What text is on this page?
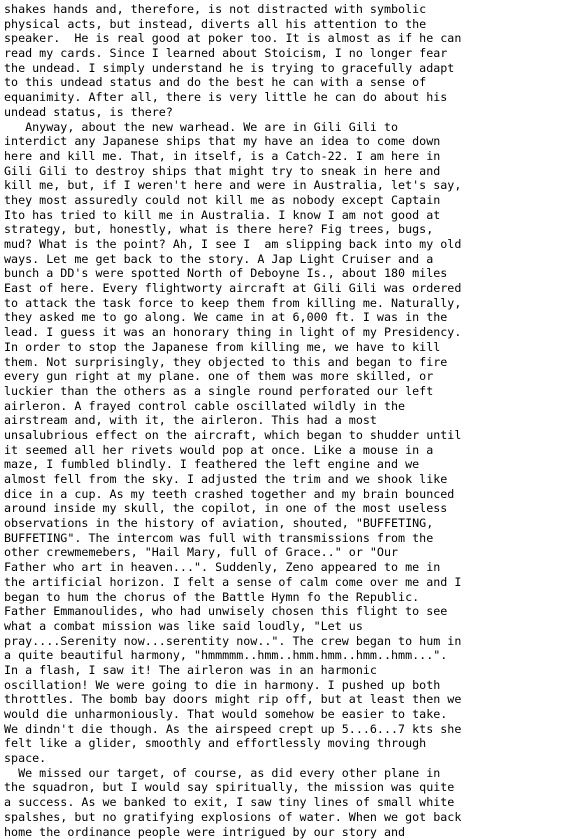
shakes hands and, therefore, is not distracted with symbolic
physical acts, but instead, diverts all his attention to the
speaker.  He is real good at poker too. It is almost as if he can
read my cards. Since I learned about Stoicism, I no longer fear
the undead. I simply understand he is trying to gracefully adapt
to this undead status and do the best he can with a sense of
equanimity. After all, there is very little he can do about his
undead status, is there?
Anyway, about the new warhead. We are in Gili Gili to
interdict any Japanese ships that my have an idea to come down
here and kill me. That, in itself, is a Catch-22. I am here in
Gili Gili to destroy ships that might try to sneak in here and
kill me, but, if I weren't here and were in Australia, let's say,
they most assuredly could not kill me as nobody except Captain
Ito has tried to kill me in Australia. I know I am not good at
strategy, but, honestly, what is there here? Fig trees, bugs,
mud? What is the point? Ah, I see I  am slipping back into my old
ways. Let me get back to the story. A Jap Light Cruiser and a
bunch a DD's were spotted North of Deboyne Is., about 180 miles
East of here. Every flightworty aircraft at Gili Gili was ordered
to attack the task force to keep them from killing me. Naturally,
they asked me to go along. We came in at 6,000 ft. I was in the
lead. I guess it was an honorary thing in light of my Presidency.
In order to stop the Japanese from killing me, we have to kill
them. Not surprisingly, they objected to this and began to fire
every gun right at my plane. one of them was more skilled, or
luckier than the others as a single round perforated our left
airleron. A frayed control cable oscillated wildly in the
airstream and, with it, the airleron. This had a most
unsalubrious effect on the aircraft, which began to shudder until
it seemed all her rivets would pop at once. Like a mouse in a
maze, I fumbled blindly. I feathered the left engine and we
almost fell from the sky. I adjusted the trim and we shook like
dice in a cup. As my teeth crashed together and my brain bounced
around inside my skull, the copilot, in one of the most useless
observations in the history of aviation, shouted, "BUFFETING,
BUFFETING". The intercom was full with transmissions from the
other crewmemebers, "Hail Mary, full of Grace.." or "Our
Father who art in heaven...". Suddenly, Zeno appeared to me in
the artificial horizon. I felt a sense of calm come over me and I
began to hum the chorus of the Battle Hymn fo the Republic.
Father Emmanoulides, who had unwisely chosen this flight to see
what a combat mission was like said loudly, "Let us
pray....Serenity now...serentity now..". The crew began to hum in
a quite beautiful harmony, "hmmmmm..hmm..hmm.hmm..hmm..hmm...".
In a flash, I saw it! The airleron was in an harmonic
oscillation! We were going to die in harmony. I pushed up both
throttles. The bomb bay doors might rip off, but at least then we
would die unharmoniously. That would somehow be easier to take.
We dindn't die though. As the airspeed crept up 5...6...7 kts she
felt like a glider, smoothly and effortlessly moving through
space.
We missed our target, of course, as did every other plane in
the squadron, but I would say spiritually, the mission was quite
a success. As we banked to exit, I saw tiny lines of small white
spalshes, but no gratifying explosions of water. When we got back
home the ordinance people were intrigued by our story and
